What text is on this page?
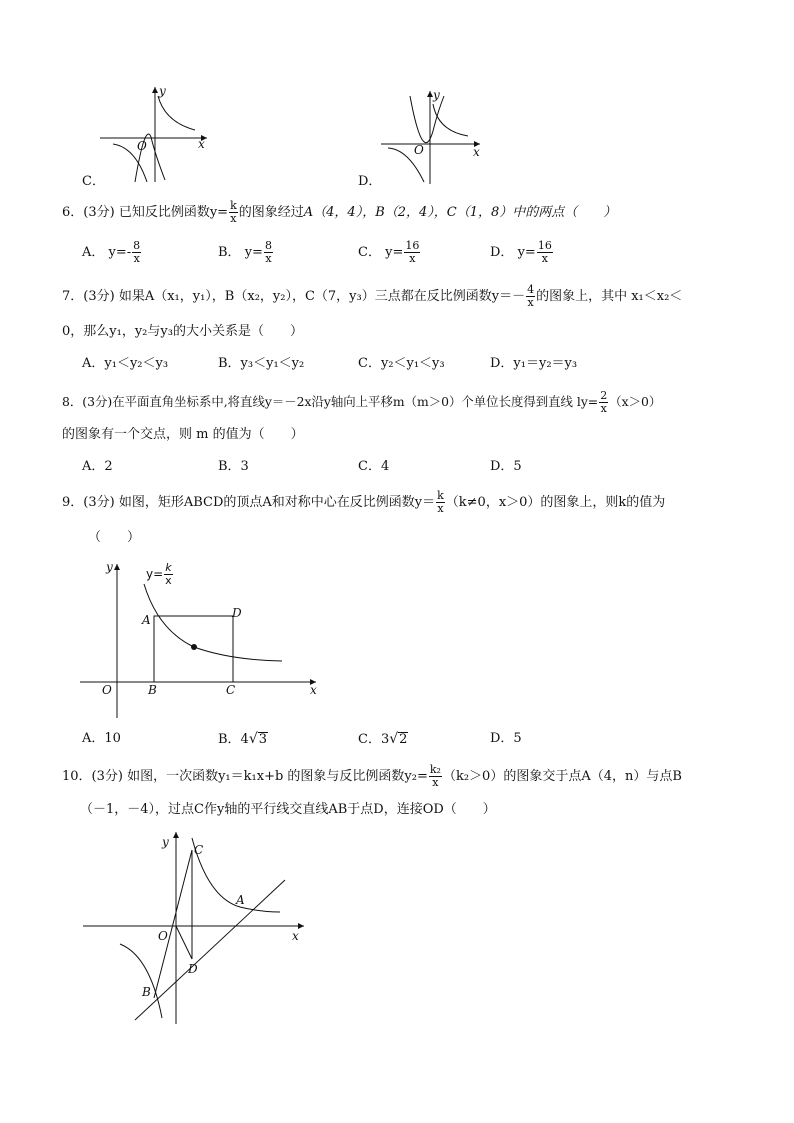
y
x
O
C．
y
x
O
D．
6．(3分) 已知反比例函数$y= \frac{k}{x}$ 的图象经过A（4，4），B（2，4），C（1，8）中的两点（　　）
A． $y=- \frac{8}{x}$	B． $y= \frac{8}{x}$	C． $y= \frac{16}{x}$	D． $y= \frac{16}{x}$
7．(3分) 如果A（x₁，y₁），B（x₂，y₂），C（7，y₃）三点都在反比例函数$y=- \frac{4}{x}$ 的图象上，其中 x₁＜x₂＜
0，那么y₁，y₂与y₃的大小关系是（　　）
A．y₁＜y₂＜y₃	B．y₃＜y₁＜y₂	C．y₂＜y₁＜y₃	D．y₁＝y₂＝y₃
8．(3分)在平面直角坐标系中,将直线y＝－2x沿y轴向上平移m（m＞0）个单位长度得到直线 $ly= \frac{2}{x} (x>0)$
的图象有一个交点，则 m 的值为（　　）
A．2	B．3	C．4	D．5
9．(3分) 如图，矩形ABCD的顶点A和对称中心在反比例函数$y= \frac{k}{x} (k\ne 0$，x＞0）的图象上，则k的值为
（　　）
y
x
O
A
B	C
D
$y= \frac{k}{x}$
A．10	B．4√3	C．3√2	D．5
10．(3分) 如图，一次函数y₁＝k₁x+b 的图象与反比例函数$y_2= \frac{\text{k₂}}{x} (k_2>0)$的图象交于点A（4，n）与点B
（－1，－4），过点C作y轴的平行线交直线AB于点D，连接OD（　　）
y
x
O
A
B
C
D
